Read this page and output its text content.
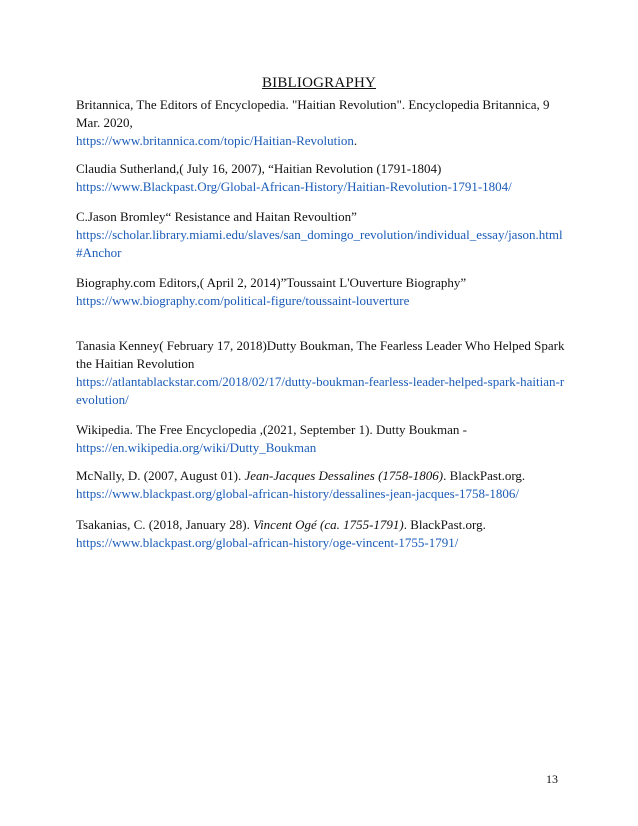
BIBLIOGRAPHY
Britannica, The Editors of Encyclopedia. "Haitian Revolution". Encyclopedia Britannica, 9 Mar. 2020,
https://www.britannica.com/topic/Haitian-Revolution.
Claudia Sutherland,( July 16, 2007), “Haitian Revolution (1791-1804)
https://www.Blackpast.Org/Global-African-History/Haitian-Revolution-1791-1804/
C.Jason Bromley“ Resistance and Haitan Revoultion”
https://scholar.library.miami.edu/slaves/san_domingo_revolution/individual_essay/jason.html#Anchor
Biography.com Editors,( April 2, 2014)”Toussaint L'Ouverture Biography”
https://www.biography.com/political-figure/toussaint-louverture
Tanasia Kenney( February 17, 2018)Dutty Boukman, The Fearless Leader Who Helped Spark the Haitian Revolution
https://atlantablackstar.com/2018/02/17/dutty-boukman-fearless-leader-helped-spark-haitian-revolution/
Wikipedia. The Free Encyclopedia ,(2021, September 1). Dutty Boukman -
https://en.wikipedia.org/wiki/Dutty_Boukman
McNally, D. (2007, August 01). Jean-Jacques Dessalines (1758-1806). BlackPast.org.
https://www.blackpast.org/global-african-history/dessalines-jean-jacques-1758-1806/
Tsakanias, C. (2018, January 28). Vincent Ogé (ca. 1755-1791). BlackPast.org.
https://www.blackpast.org/global-african-history/oge-vincent-1755-1791/
13
